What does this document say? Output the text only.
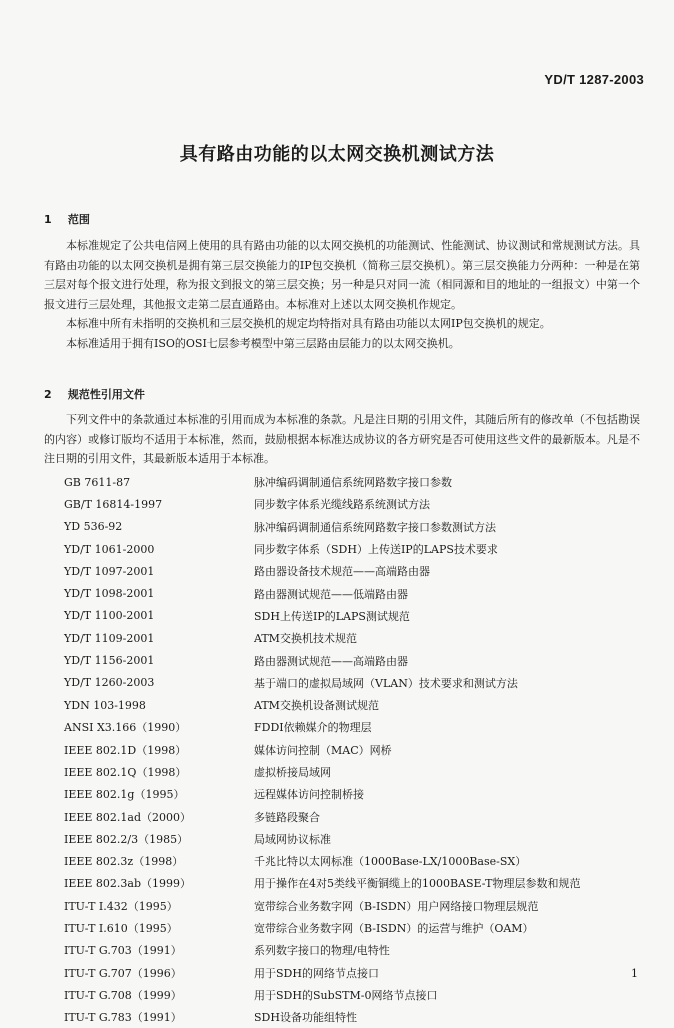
YD/T 1287-2003
具有路由功能的以太网交换机测试方法
1 范围

本标准规定了公共电信网上使用的具有路由功能的以太网交换机的功能测试、性能测试、协议测试和常规测试方法。具有路由功能的以太网交换机是拥有第三层交换能力的IP包交换机（简称三层交换机）。第三层交换能力分两种：一种是在第三层对每个报文进行处理，称为报文到报文的第三层交换；另一种是只对同一流（相同源和目的地址的一组报文）中第一个报文进行三层处理，其他报文走第二层直通路由。本标准对上述以太网交换机作规定。

本标准中所有未指明的交换机和三层交换机的规定均特指对具有路由功能以太网IP包交换机的规定。

本标准适用于拥有ISO的OSI七层参考模型中第三层路由层能力的以太网交换机。

2 规范性引用文件

下列文件中的条款通过本标准的引用而成为本标准的条款。凡是注日期的引用文件，其随后所有的修改单（不包括勘误的内容）或修订版均不适用于本标准，然而，鼓励根据本标准达成协议的各方研究是否可使用这些文件的最新版本。凡是不注日期的引用文件，其最新版本适用于本标准。

GB 7611-87	脉冲编码调制通信系统网路数字接口参数
GB/T 16814-1997	同步数字体系光缆线路系统测试方法
YD 536-92	脉冲编码调制通信系统网路数字接口参数测试方法
YD/T 1061-2000	同步数字体系（SDH）上传送IP的LAPS技术要求
YD/T 1097-2001	路由器设备技术规范——高端路由器
YD/T 1098-2001	路由器测试规范——低端路由器
YD/T 1100-2001	SDH上传送IP的LAPS测试规范
YD/T 1109-2001	ATM交换机技术规范
YD/T 1156-2001	路由器测试规范——高端路由器
YD/T 1260-2003	基于端口的虚拟局域网（VLAN）技术要求和测试方法
YDN 103-1998	ATM交换机设备测试规范
ANSI X3.166（1990）	FDDI依赖媒介的物理层
IEEE 802.1D（1998）	媒体访问控制（MAC）网桥
IEEE 802.1Q（1998）	虚拟桥接局域网
IEEE 802.1g（1995）	远程媒体访问控制桥接
IEEE 802.1ad（2000）	多链路段聚合
IEEE 802.2/3（1985）	局域网协议标准
IEEE 802.3z（1998）	千兆比特以太网标准（1000Base-LX/1000Base-SX）
IEEE 802.3ab（1999）	用于操作在4对5类线平衡铜缆上的1000BASE-T物理层参数和规范
ITU-T I.432（1995）	宽带综合业务数字网（B-ISDN）用户网络接口物理层规范
ITU-T I.610（1995）	宽带综合业务数字网（B-ISDN）的运营与维护（OAM）
ITU-T G.703（1991）	系列数字接口的物理/电特性
ITU-T G.707（1996）	用于SDH的网络节点接口
ITU-T G.708（1999）	用于SDH的SubSTM-0网络节点接口
ITU-T G.783（1991）	SDH设备功能组特性
1
